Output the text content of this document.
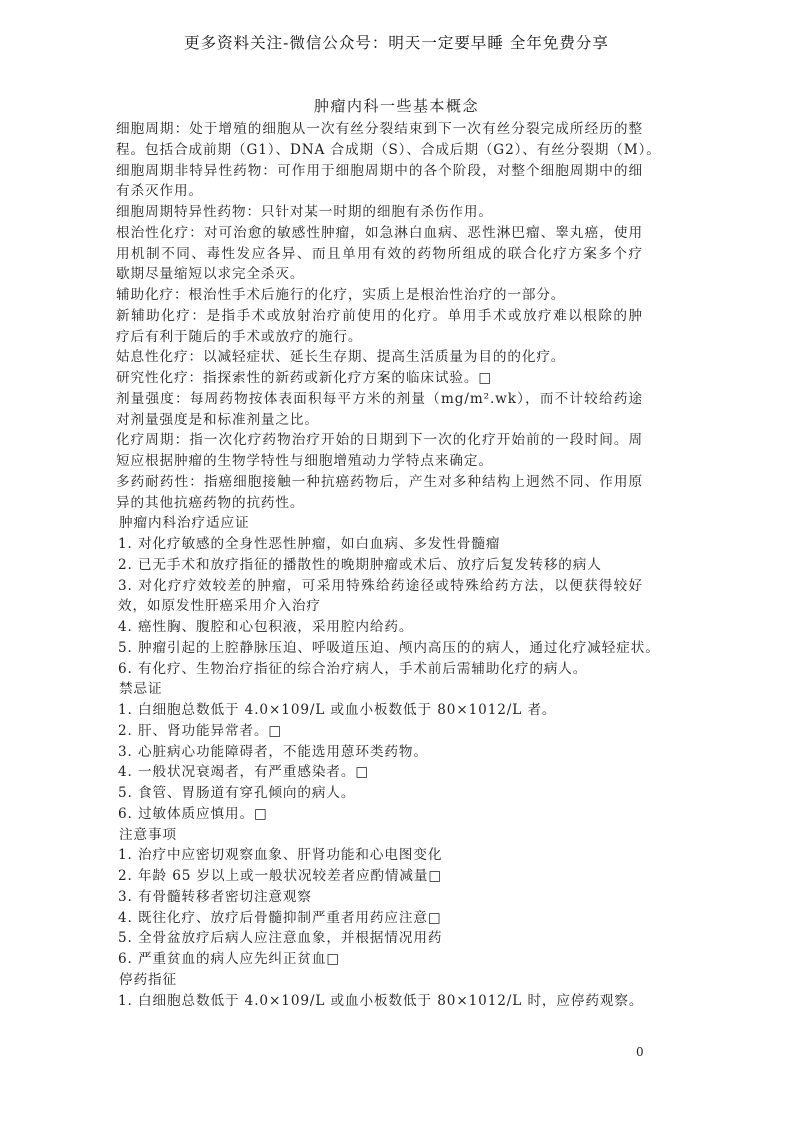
更多资料关注-微信公众号：明天一定要早睡 全年免费分享
肿瘤内科一些基本概念
细胞周期：处于增殖的细胞从一次有丝分裂结束到下一次有丝分裂完成所经历的整
程。包括合成前期（G1）、DNA 合成期（S）、合成后期（G2）、有丝分裂期（M）。
细胞周期非特异性药物：可作用于细胞周期中的各个阶段，对整个细胞周期中的细
有杀灭作用。
细胞周期特异性药物：只针对某一时期的细胞有杀伤作用。
根治性化疗：对可治愈的敏感性肿瘤，如急淋白血病、恶性淋巴瘤、睾丸癌，使用
用机制不同、毒性发应各异、而且单用有效的药物所组成的联合化疗方案多个疗
歇期尽量缩短以求完全杀灭。
辅助化疗：根治性手术后施行的化疗，实质上是根治性治疗的一部分。
新辅助化疗：是指手术或放射治疗前使用的化疗。单用手术或放疗难以根除的肿
疗后有利于随后的手术或放疗的施行。
姑息性化疗：以减轻症状、延长生存期、提高生活质量为目的的化疗。
研究性化疗：指探索性的新药或新化疗方案的临床试验。□
剂量强度：每周药物按体表面积每平方米的剂量（mg/m².wk），而不计较给药途
对剂量强度是和标准剂量之比。
化疗周期：指一次化疗药物治疗开始的日期到下一次的化疗开始前的一段时间。周
短应根据肿瘤的生物学特性与细胞增殖动力学特点来确定。
多药耐药性：指癌细胞接触一种抗癌药物后，产生对多种结构上迥然不同、作用原
异的其他抗癌药物的抗药性。
肿瘤内科治疗适应证
1. 对化疗敏感的全身性恶性肿瘤，如白血病、多发性骨髓瘤
2. 已无手术和放疗指征的播散性的晚期肿瘤或术后、放疗后复发转移的病人
3. 对化疗疗效较差的肿瘤，可采用特殊给药途径或特殊给药方法，以便获得较好
效，如原发性肝癌采用介入治疗
4. 癌性胸、腹腔和心包积液，采用腔内给药。
5. 肿瘤引起的上腔静脉压迫、呼吸道压迫、颅内高压的的病人，通过化疗减轻症状。
6. 有化疗、生物治疗指征的综合治疗病人，手术前后需辅助化疗的病人。
禁忌证
1. 白细胞总数低于 4.0×109/L 或血小板数低于 80×1012/L 者。
2. 肝、肾功能异常者。□
3. 心脏病心功能障碍者，不能选用蒽环类药物。
4. 一般状况衰竭者，有严重感染者。□
5. 食管、胃肠道有穿孔倾向的病人。
6. 过敏体质应慎用。□
注意事项
1. 治疗中应密切观察血象、肝肾功能和心电图变化
2. 年龄 65 岁以上或一般状况较差者应酌情减量□
3. 有骨髓转移者密切注意观察
4. 既往化疗、放疗后骨髓抑制严重者用药应注意□
5. 全骨盆放疗后病人应注意血象，并根据情况用药
6. 严重贫血的病人应先纠正贫血□
停药指征
1. 白细胞总数低于 4.0×109/L 或血小板数低于 80×1012/L 时，应停药观察。
0
